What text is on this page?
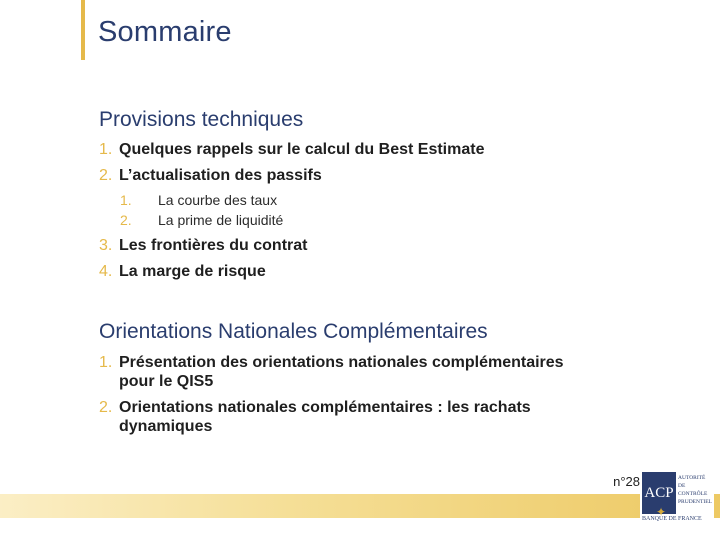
Sommaire
Provisions techniques
1. Quelques rappels sur le calcul du Best Estimate
2. L’actualisation des passifs
1. La courbe des taux
2. La prime de liquidité
3. Les frontières du contrat
4. La marge de risque
Orientations Nationales Complémentaires
1. Présentation des orientations nationales complémentaires pour le QIS5
2. Orientations nationales complémentaires : les rachats dynamiques
n°28
ACP
AUTORITÉ
DE CONTRÔLE
PRUDENTIEL
✦
BANQUE DE FRANCE
